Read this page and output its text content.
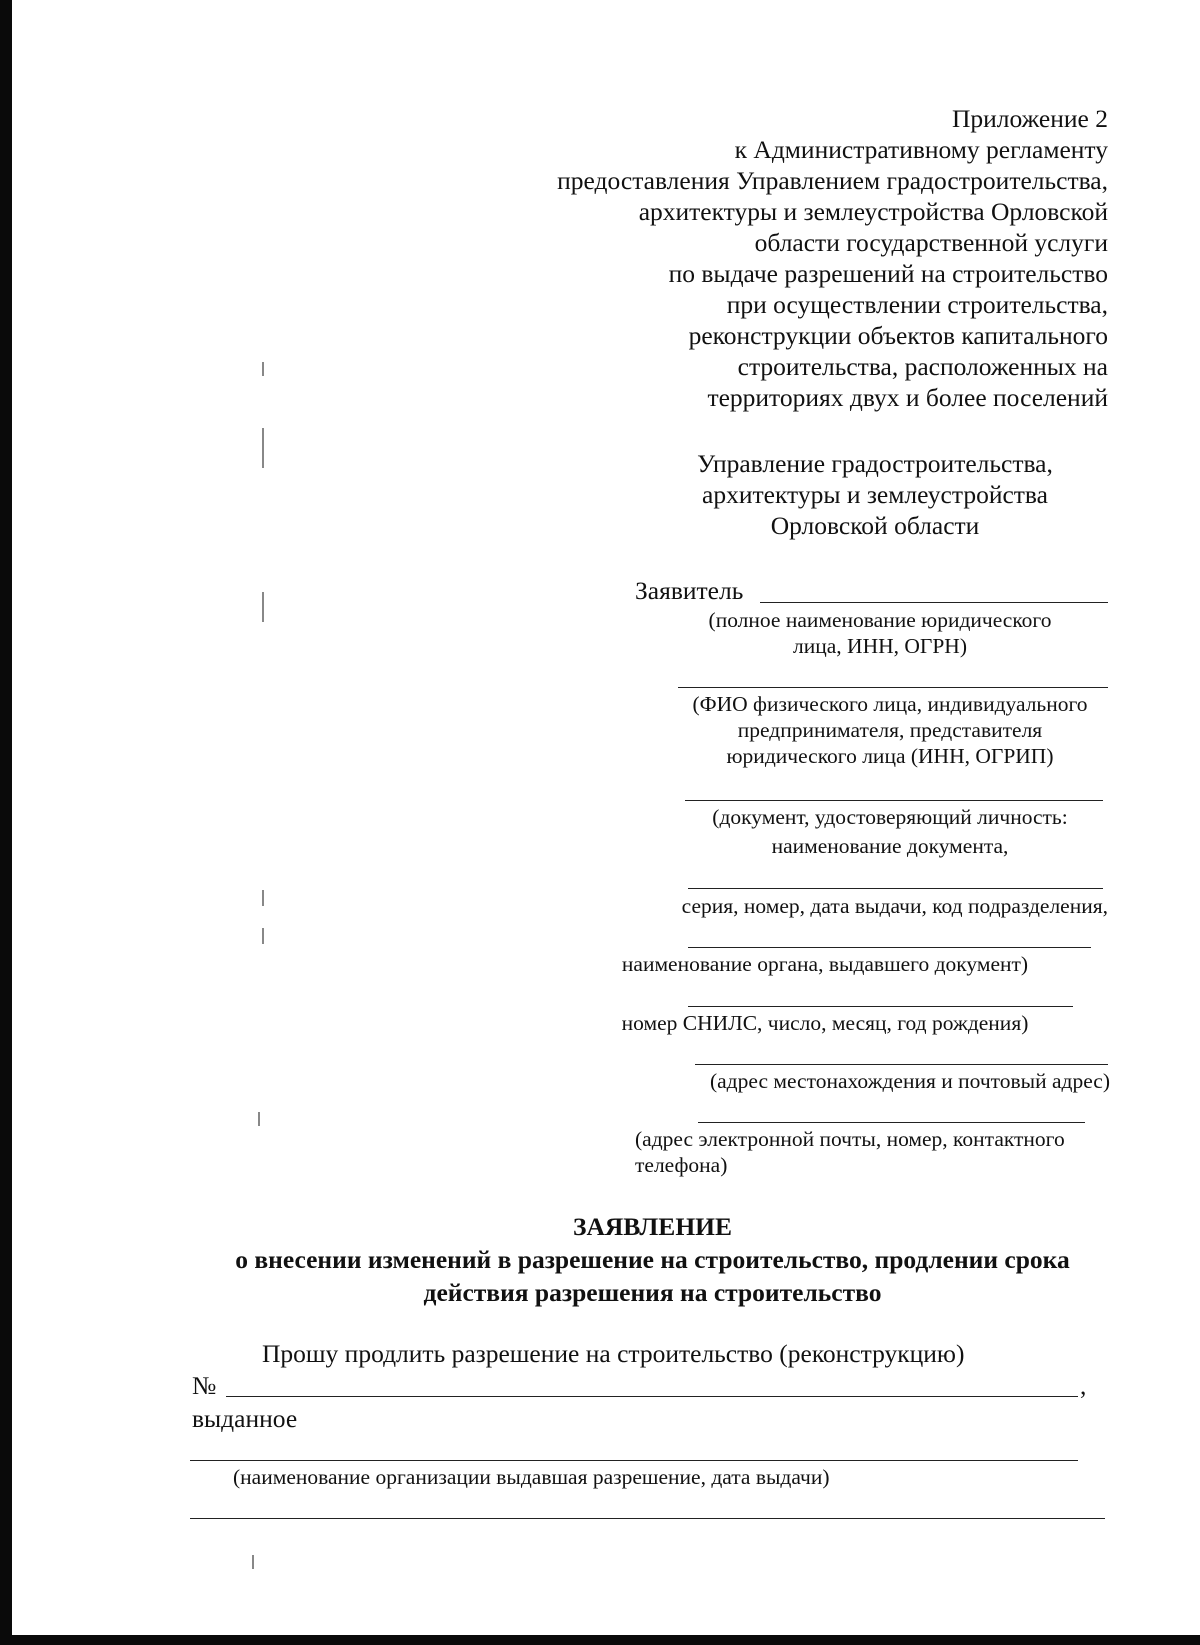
Приложение 2
к Административному регламенту
предоставления Управлением градостроительства,
архитектуры и землеустройства Орловской
области государственной услуги
по выдаче разрешений на строительство
при осуществлении строительства,
реконструкции объектов капитального
строительства, расположенных на
территориях двух и более поселений
Управление градостроительства,
архитектуры и землеустройства
Орловской области
Заявитель
(полное наименование юридического
лица, ИНН, ОГРН)
(ФИО физического лица, индивидуального
предпринимателя, представителя
юридического лица (ИНН, ОГРИП)
(документ, удостоверяющий личность:
наименование документа,
серия, номер, дата выдачи, код подразделения,
наименование органа, выдавшего документ)
номер СНИЛС, число, месяц, год рождения)
(адрес местонахождения и почтовый адрес)
(адрес электронной почты, номер, контактного
телефона)
ЗАЯВЛЕНИЕ
о внесении изменений в разрешение на строительство, продлении срока
действия разрешения на строительство
Прошу продлить разрешение на строительство (реконструкцию)
№	,
выданное
(наименование организации выдавшая разрешение, дата выдачи)
